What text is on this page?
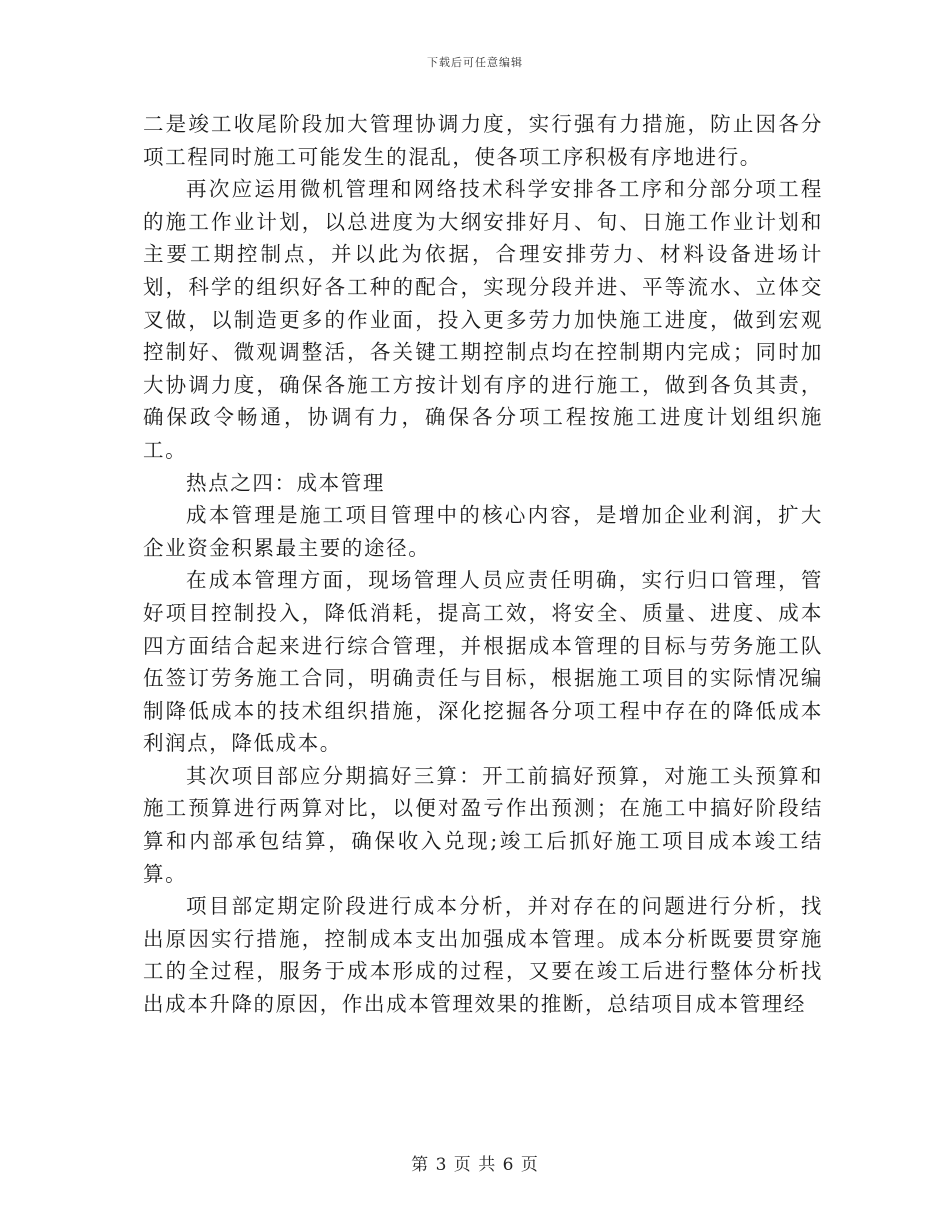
下载后可任意编辑

二是竣工收尾阶段加大管理协调力度，实行强有力措施，防止因各分项工程同时施工可能发生的混乱，使各项工序积极有序地进行。

再次应运用微机管理和网络技术科学安排各工序和分部分项工程的施工作业计划，以总进度为大纲安排好月、旬、日施工作业计划和主要工期控制点，并以此为依据，合理安排劳力、材料设备进场计划，科学的组织好各工种的配合，实现分段并进、平等流水、立体交叉做，以制造更多的作业面，投入更多劳力加快施工进度，做到宏观控制好、微观调整活，各关键工期控制点均在控制期内完成；同时加大协调力度，确保各施工方按计划有序的进行施工，做到各负其责，确保政令畅通，协调有力，确保各分项工程按施工进度计划组织施工。

热点之四：成本管理

成本管理是施工项目管理中的核心内容，是增加企业利润，扩大企业资金积累最主要的途径。

在成本管理方面，现场管理人员应责任明确，实行归口管理，管好项目控制投入，降低消耗，提高工效，将安全、质量、进度、成本四方面结合起来进行综合管理，并根据成本管理的目标与劳务施工队伍签订劳务施工合同，明确责任与目标，根据施工项目的实际情况编制降低成本的技术组织措施，深化挖掘各分项工程中存在的降低成本利润点，降低成本。

其次项目部应分期搞好三算：开工前搞好预算，对施工头预算和施工预算进行两算对比，以便对盈亏作出预测；在施工中搞好阶段结算和内部承包结算，确保收入兑现;竣工后抓好施工项目成本竣工结算。

项目部定期定阶段进行成本分析，并对存在的问题进行分析，找出原因实行措施，控制成本支出加强成本管理。成本分析既要贯穿施工的全过程，服务于成本形成的过程，又要在竣工后进行整体分析找出成本升降的原因，作出成本管理效果的推断，总结项目成本管理经

第 3 页 共 6 页
